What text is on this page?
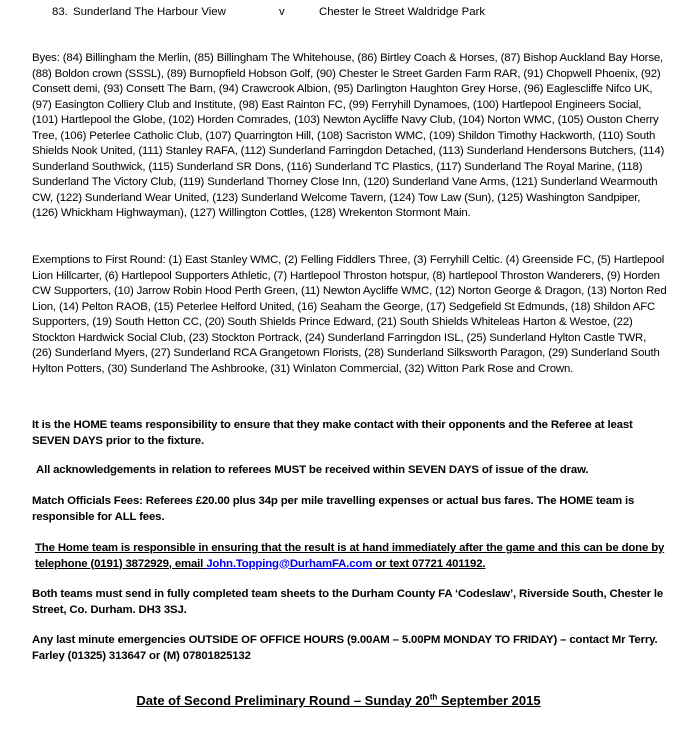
83. Sunderland The Harbour View	v	Chester le Street Waldridge Park

Byes: (84) Billingham the Merlin, (85) Billingham The Whitehouse, (86) Birtley Coach & Horses, (87) Bishop Auckland Bay Horse, (88) Boldon crown (SSSL), (89) Burnopfield Hobson Golf, (90) Chester le Street Garden Farm RAR, (91) Chopwell Phoenix, (92) Consett demi, (93) Consett The Barn, (94) Crawcrook Albion, (95) Darlington Haughton Grey Horse, (96) Eaglescliffe Nifco UK, (97) Easington Colliery Club and Institute, (98) East Rainton FC, (99) Ferryhill Dynamoes, (100) Hartlepool Engineers Social, (101) Hartlepool the Globe, (102) Horden Comrades, (103) Newton Aycliffe Navy Club, (104) Norton WMC, (105) Ouston Cherry Tree, (106) Peterlee Catholic Club, (107) Quarrington Hill, (108) Sacriston WMC, (109) Shildon Timothy Hackworth, (110) South Shields Nook United, (111) Stanley RAFA, (112) Sunderland Farringdon Detached, (113) Sunderland Hendersons Butchers, (114) Sunderland Southwick, (115) Sunderland SR Dons, (116) Sunderland TC Plastics, (117) Sunderland The Royal Marine, (118) Sunderland The Victory Club, (119) Sunderland Thorney Close Inn, (120) Sunderland Vane Arms, (121) Sunderland Wearmouth CW, (122) Sunderland Wear United, (123) Sunderland Welcome Tavern, (124) Tow Law (Sun), (125) Washington Sandpiper, (126) Whickham Highwayman), (127) Willington Cottles, (128) Wrekenton Stormont Main.

Exemptions to First Round: (1) East Stanley WMC, (2) Felling Fiddlers Three, (3) Ferryhill Celtic. (4) Greenside FC, (5) Hartlepool Lion Hillcarter, (6) Hartlepool Supporters Athletic, (7) Hartlepool Throston hotspur, (8) hartlepool Throston Wanderers, (9) Horden CW Supporters, (10) Jarrow Robin Hood Perth Green, (11) Newton Aycliffe WMC, (12) Norton George & Dragon, (13) Norton Red Lion, (14) Pelton RAOB, (15) Peterlee Helford United, (16) Seaham the George, (17) Sedgefield St Edmunds, (18) Shildon AFC Supporters, (19) South Hetton CC, (20) South Shields Prince Edward, (21) South Shields Whiteleas Harton & Westoe, (22) Stockton Hardwick Social Club, (23) Stockton Portrack, (24) Sunderland Farringdon ISL, (25) Sunderland Hylton Castle TWR, (26) Sunderland Myers, (27) Sunderland RCA Grangetown Florists, (28) Sunderland Silksworth Paragon, (29) Sunderland South Hylton Potters, (30) Sunderland The Ashbrooke, (31) Winlaton Commercial, (32) Witton Park Rose and Crown.

It is the HOME teams responsibility to ensure that they make contact with their opponents and the Referee at least SEVEN DAYS prior to the fixture.

All acknowledgements in relation to referees MUST be received within SEVEN DAYS of issue of the draw.

Match Officials Fees: Referees £20.00 plus 34p per mile travelling expenses or actual bus fares. The HOME team is responsible for ALL fees.

The Home team is responsible in ensuring that the result is at hand immediately after the game and this can be done by telephone (0191) 3872929, email John.Topping@DurhamFA.com or text 07721 401192.

Both teams must send in fully completed team sheets to the Durham County FA ‘Codeslaw’, Riverside South, Chester le Street, Co. Durham. DH3 3SJ.

Any last minute emergencies OUTSIDE OF OFFICE HOURS (9.00AM – 5.00PM MONDAY TO FRIDAY) – contact Mr Terry. Farley (01325) 313647 or (M) 07801825132

Date of Second Preliminary Round – Sunday 20th September 2015
